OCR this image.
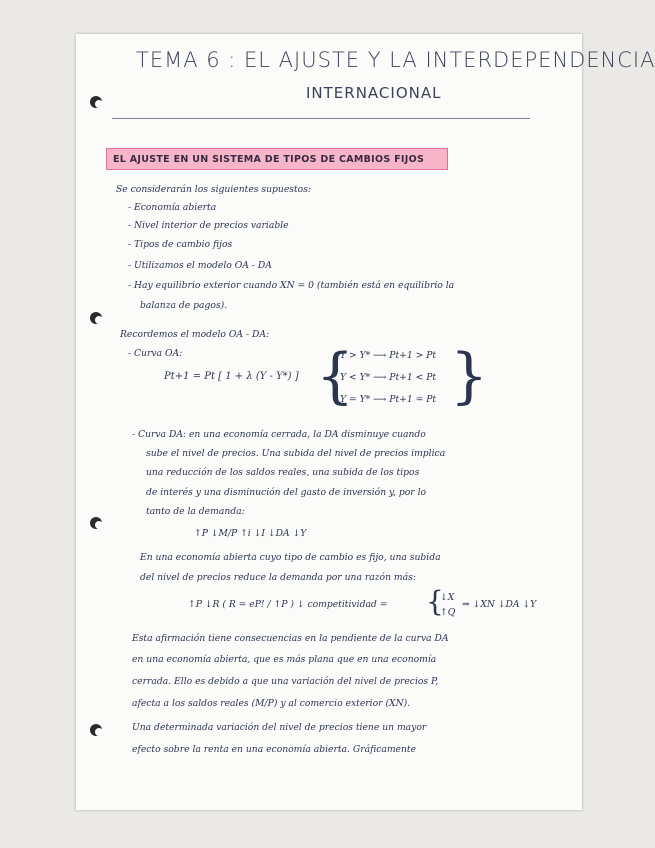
TEMA 6 : EL AJUSTE Y LA INTERDEPENDENCIA
INTERNACIONAL
EL AJUSTE EN UN SISTEMA DE TIPOS DE CAMBIOS FIJOS
Se considerarán los siguientes supuestos:
- Economía abierta
- Nivel interior de precios variable
- Tipos de cambio fijos
- Utilizamos el modelo OA - DA
- Hay equilibrio exterior cuando XN = 0 (también está en equilibrio la
balanza de pagos).
Recordemos el modelo OA - DA:
- Curva OA:
Pt+1 = Pt [ 1 + λ (Y - Y*) ] {
Y > Y* ⟶ Pt+1 > Pt
Y < Y* ⟶ Pt+1 < Pt
Y = Y* ⟶ Pt+1 = Pt }
- Curva DA: en una economía cerrada, la DA disminuye cuando
sube el nivel de precios. Una subida del nivel de precios implica
una reducción de los saldos reales, una subida de los tipos
de interés y una disminución del gasto de inversión y, por lo
tanto de la demanda:
↑P ↓M/P ↑i ↓I ↓DA ↓Y
En una economía abierta cuyo tipo de cambio es fijo, una subida
del nivel de precios reduce la demanda por una razón más:
↑P ↓R ( R = eP! / ↑P ) ↓ competitividad = {
↓X
↑Q
⇒ ↓XN ↓DA ↓Y
Esta afirmación tiene consecuencias en la pendiente de la curva DA
en una economía abierta, que es más plana que en una economía
cerrada. Ello es debido a que una variación del nivel de precios P,
afecta a los saldos reales (M/P) y al comercio exterior (XN).
Una determinada variación del nivel de precios tiene un mayor
efecto sobre la renta en una economía abierta. Gráficamente
